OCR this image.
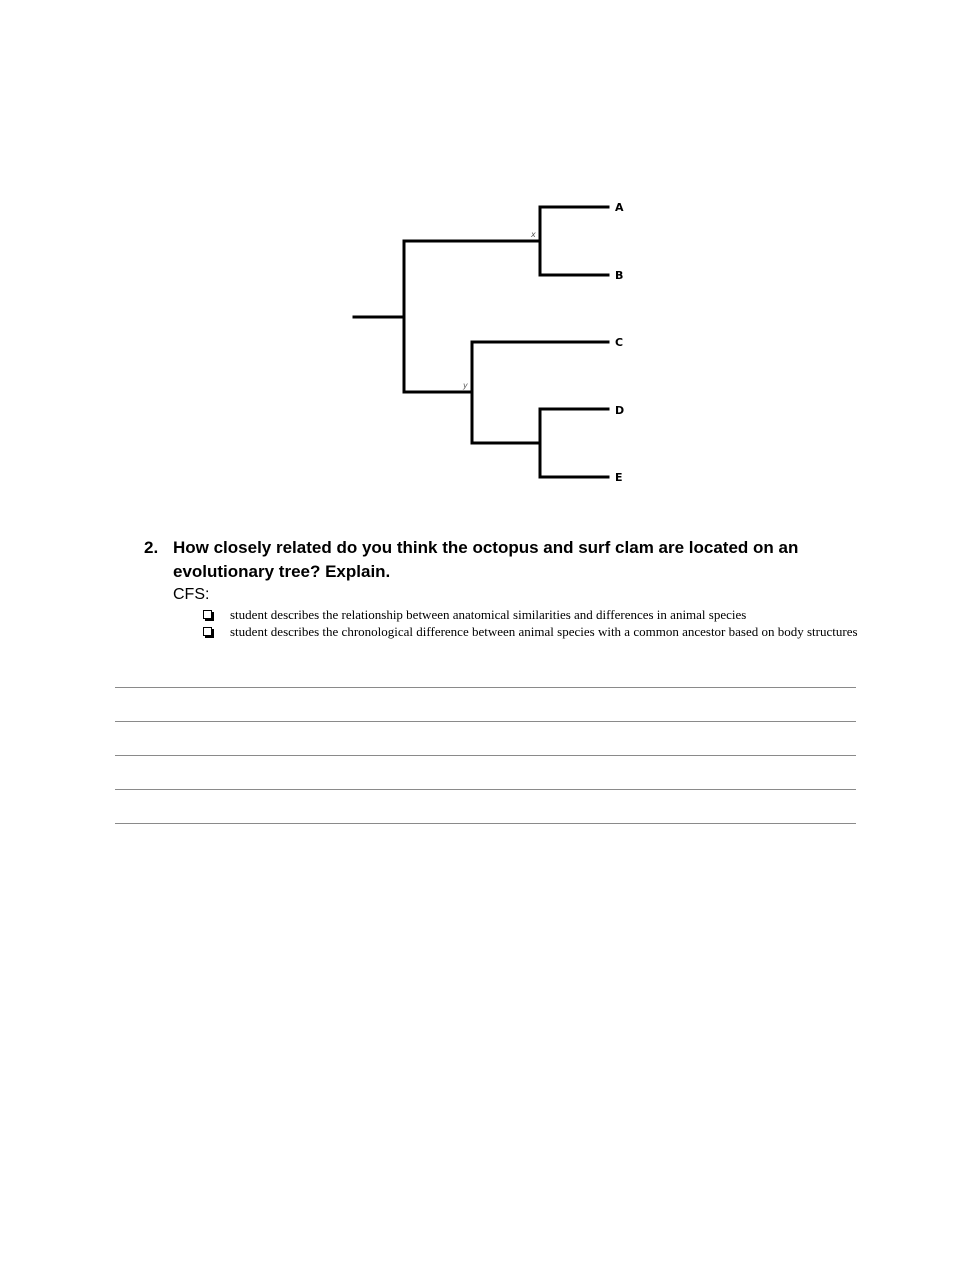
A
B
C
D
E
x
y
2. How closely related do you think the octopus and surf clam are located on an evolutionary tree? Explain.
CFS:
student describes the relationship between anatomical similarities and differences in animal species
student describes the chronological difference between animal species with a common ancestor based on body structures
